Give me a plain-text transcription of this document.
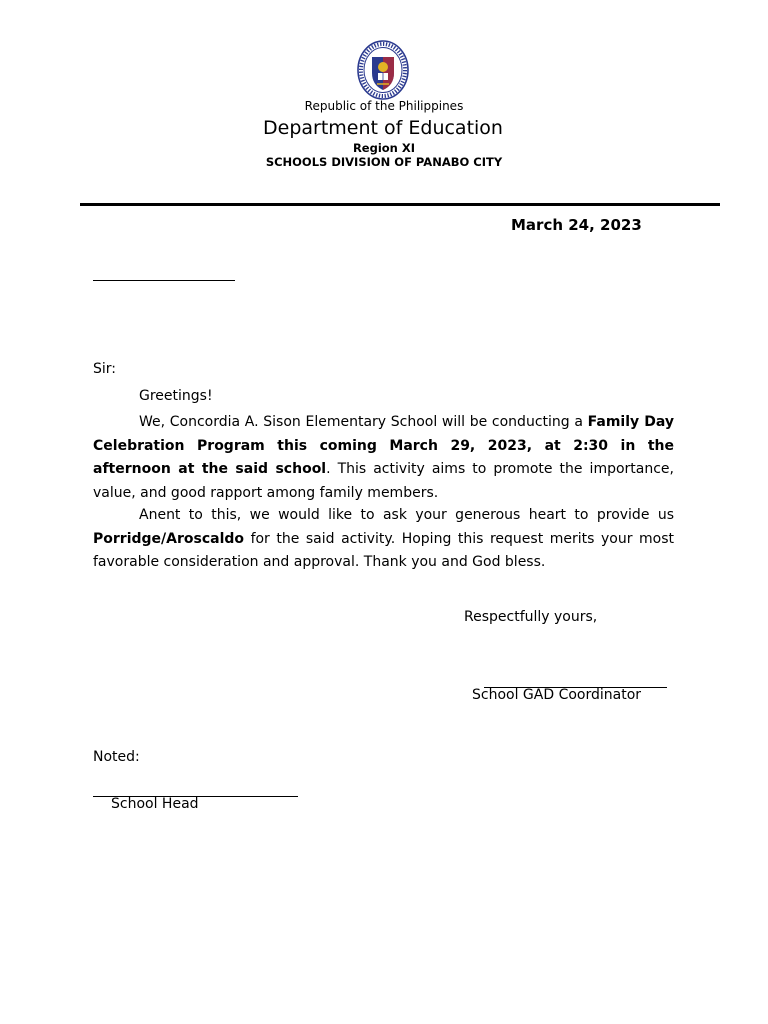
Republic of the Philippines
Department of Education
Region XI
SCHOOLS DIVISION OF PANABO CITY
March 24, 2023
Sir:
Greetings!

We, Concordia A. Sison Elementary School will be conducting a Family Day Celebration Program this coming March 29, 2023, at 2:30 in the afternoon at the said school. This activity aims to promote the importance, value, and good rapport among family members.

Anent to this, we would like to ask your generous heart to provide us Porridge/Aroscaldo for the said activity. Hoping this request merits your most favorable consideration and approval. Thank you and God bless.

Respectfully yours,
School GAD Coordinator
Noted:
School Head
